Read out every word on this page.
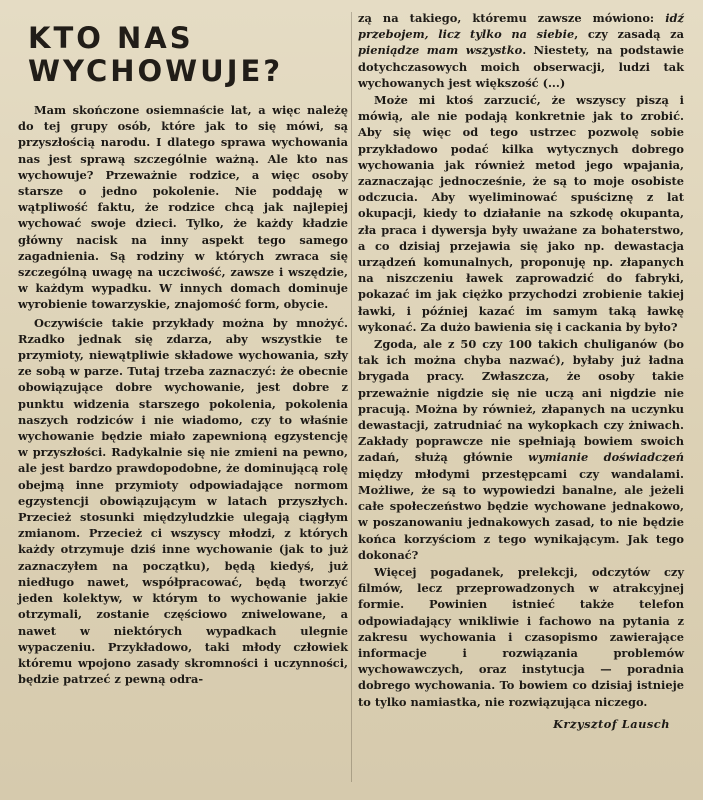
KTO NAS
WYCHOWUJE?

Mam skończone osiemnaście lat, a więc należę do tej grupy osób, które jak to się mówi, są przyszłością narodu. I dlatego sprawa wychowania nas jest sprawą szczególnie ważną. Ale kto nas wychowuje? Przeważnie rodzice, a więc osoby starsze o jedno pokolenie. Nie poddaję w wątpliwość faktu, że rodzice chcą jak najlepiej wychować swoje dzieci. Tylko, że każdy kładzie główny nacisk na inny aspekt tego samego zagadnienia. Są rodziny w których zwraca się szczególną uwagę na uczciwość, zawsze i wszędzie, w każdym wypadku. W innych domach dominuje wyrobienie towarzyskie, znajomość form, obycie.

Oczywiście takie przykłady można by mnożyć. Rzadko jednak się zdarza, aby wszystkie te przymioty, niewątpliwie składowe wychowania, szły ze sobą w parze. Tutaj trzeba zaznaczyć: że obecnie obowiązujące dobre wychowanie, jest dobre z punktu widzenia starszego pokolenia, pokolenia naszych rodziców i nie wiadomo, czy to właśnie wychowanie będzie miało zapewnioną egzystencję w przyszłości. Radykalnie się nie zmieni na pewno, ale jest bardzo prawdopodobne, że dominującą rolę obejmą inne przymioty odpowiadające normom egzystencji obowiązującym w latach przyszłych. Przecież stosunki międzyludzkie ulegają ciągłym zmianom. Przecież ci wszyscy młodzi, z których każdy otrzymuje dziś inne wychowanie (jak to już zaznaczyłem na początku), będą kiedyś, już niedługo nawet, współpracować, będą tworzyć jeden kolektyw, w którym to wychowanie jakie otrzymali, zostanie częściowo zniwelowane, a nawet w niektórych wypadkach ulegnie wypaczeniu. Przykładowo, taki młody człowiek któremu wpojono zasady skromności i uczynności, będzie patrzeć z pewną odra-

zą na takiego, któremu zawsze mówiono: idź przebojem, licz tylko na siebie, czy zasadą za pieniądze mam wszystko. Niestety, na podstawie dotychczasowych moich obserwacji, ludzi tak wychowanych jest większość (...)

Może mi ktoś zarzucić, że wszyscy piszą i mówią, ale nie podają konkretnie jak to zrobić. Aby się więc od tego ustrzec pozwolę sobie przykładowo podać kilka wytycznych dobrego wychowania jak również metod jego wpajania, zaznaczając jednocześnie, że są to moje osobiste odczucia. Aby wyeliminować spuściznę z lat okupacji, kiedy to działanie na szkodę okupanta, zła praca i dywersja były uważane za bohaterstwo, a co dzisiaj przejawia się jako np. dewastacja urządzeń komunalnych, proponuję np. złapanych na niszczeniu ławek zaprowadzić do fabryki, pokazać im jak ciężko przychodzi zrobienie takiej ławki, i później kazać im samym taką ławkę wykonać. Za dużo bawienia się i cackania by było?

Zgoda, ale z 50 czy 100 takich chuliganów (bo tak ich można chyba nazwać), byłaby już ładna brygada pracy. Zwłaszcza, że osoby takie przeważnie nigdzie się nie uczą ani nigdzie nie pracują. Można by również, złapanych na uczynku dewastacji, zatrudniać na wykopkach czy żniwach. Zakłady poprawcze nie spełniają bowiem swoich zadań, służą głównie wymianie doświadczeń między młodymi przestępcami czy wandalami. Możliwe, że są to wypowiedzi banalne, ale jeżeli całe społeczeństwo będzie wychowane jednakowo, w poszanowaniu jednakowych zasad, to nie będzie końca korzyściom z tego wynikającym. Jak tego dokonać?

Więcej pogadanek, prelekcji, odczytów czy filmów, lecz przeprowadzonych w atrakcyjnej formie. Powinien istnieć także telefon odpowiadający wnikliwie i fachowo na pytania z zakresu wychowania i czasopismo zawierające informacje i rozwiązania problemów wychowawczych, oraz instytucja — poradnia dobrego wychowania. To bowiem co dzisiaj istnieje to tylko namiastka, nie rozwiązująca niczego.

Krzysztof Lausch
